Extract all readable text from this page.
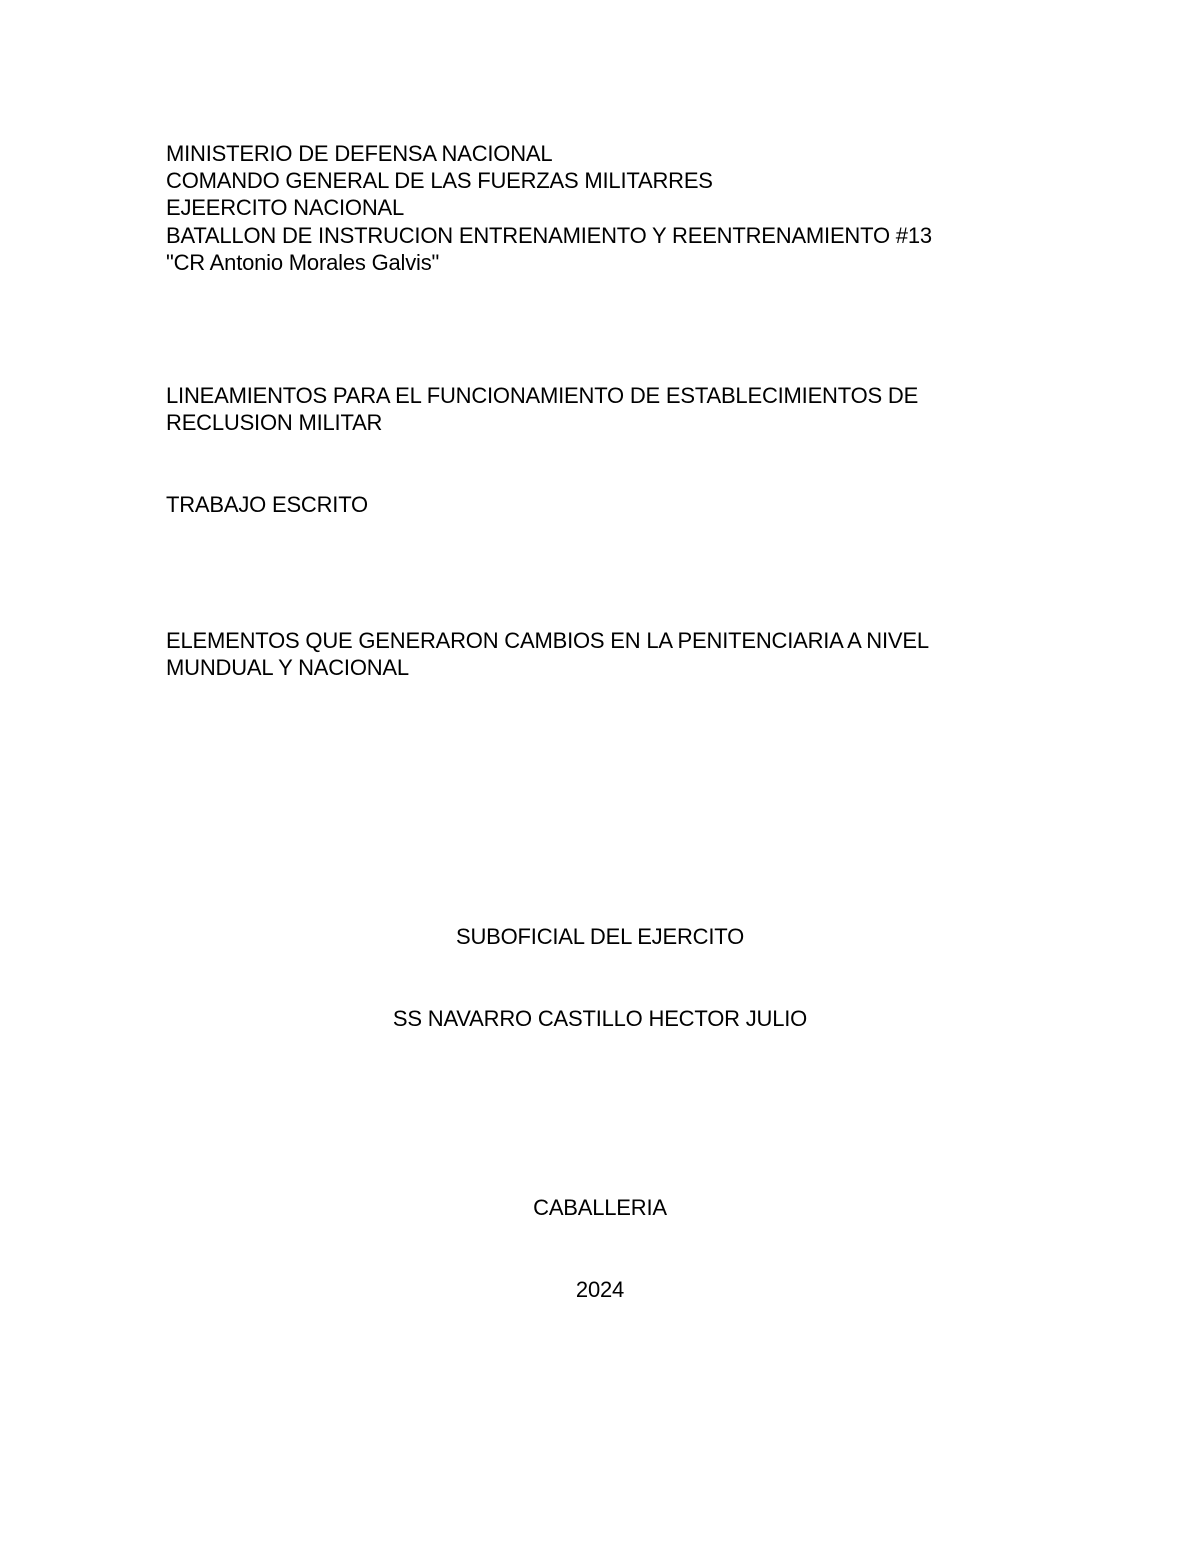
MINISTERIO DE DEFENSA NACIONAL
COMANDO GENERAL DE LAS FUERZAS MILITARRES
EJEERCITO NACIONAL
BATALLON DE INSTRUCION ENTRENAMIENTO Y REENTRENAMIENTO #13
"CR Antonio Morales Galvis"
LINEAMIENTOS PARA EL FUNCIONAMIENTO DE ESTABLECIMIENTOS DE
RECLUSION MILITAR
TRABAJO ESCRITO
ELEMENTOS QUE GENERARON CAMBIOS EN LA PENITENCIARIA A NIVEL
MUNDUAL Y NACIONAL
SUBOFICIAL DEL EJERCITO
SS NAVARRO CASTILLO HECTOR JULIO
CABALLERIA
2024
